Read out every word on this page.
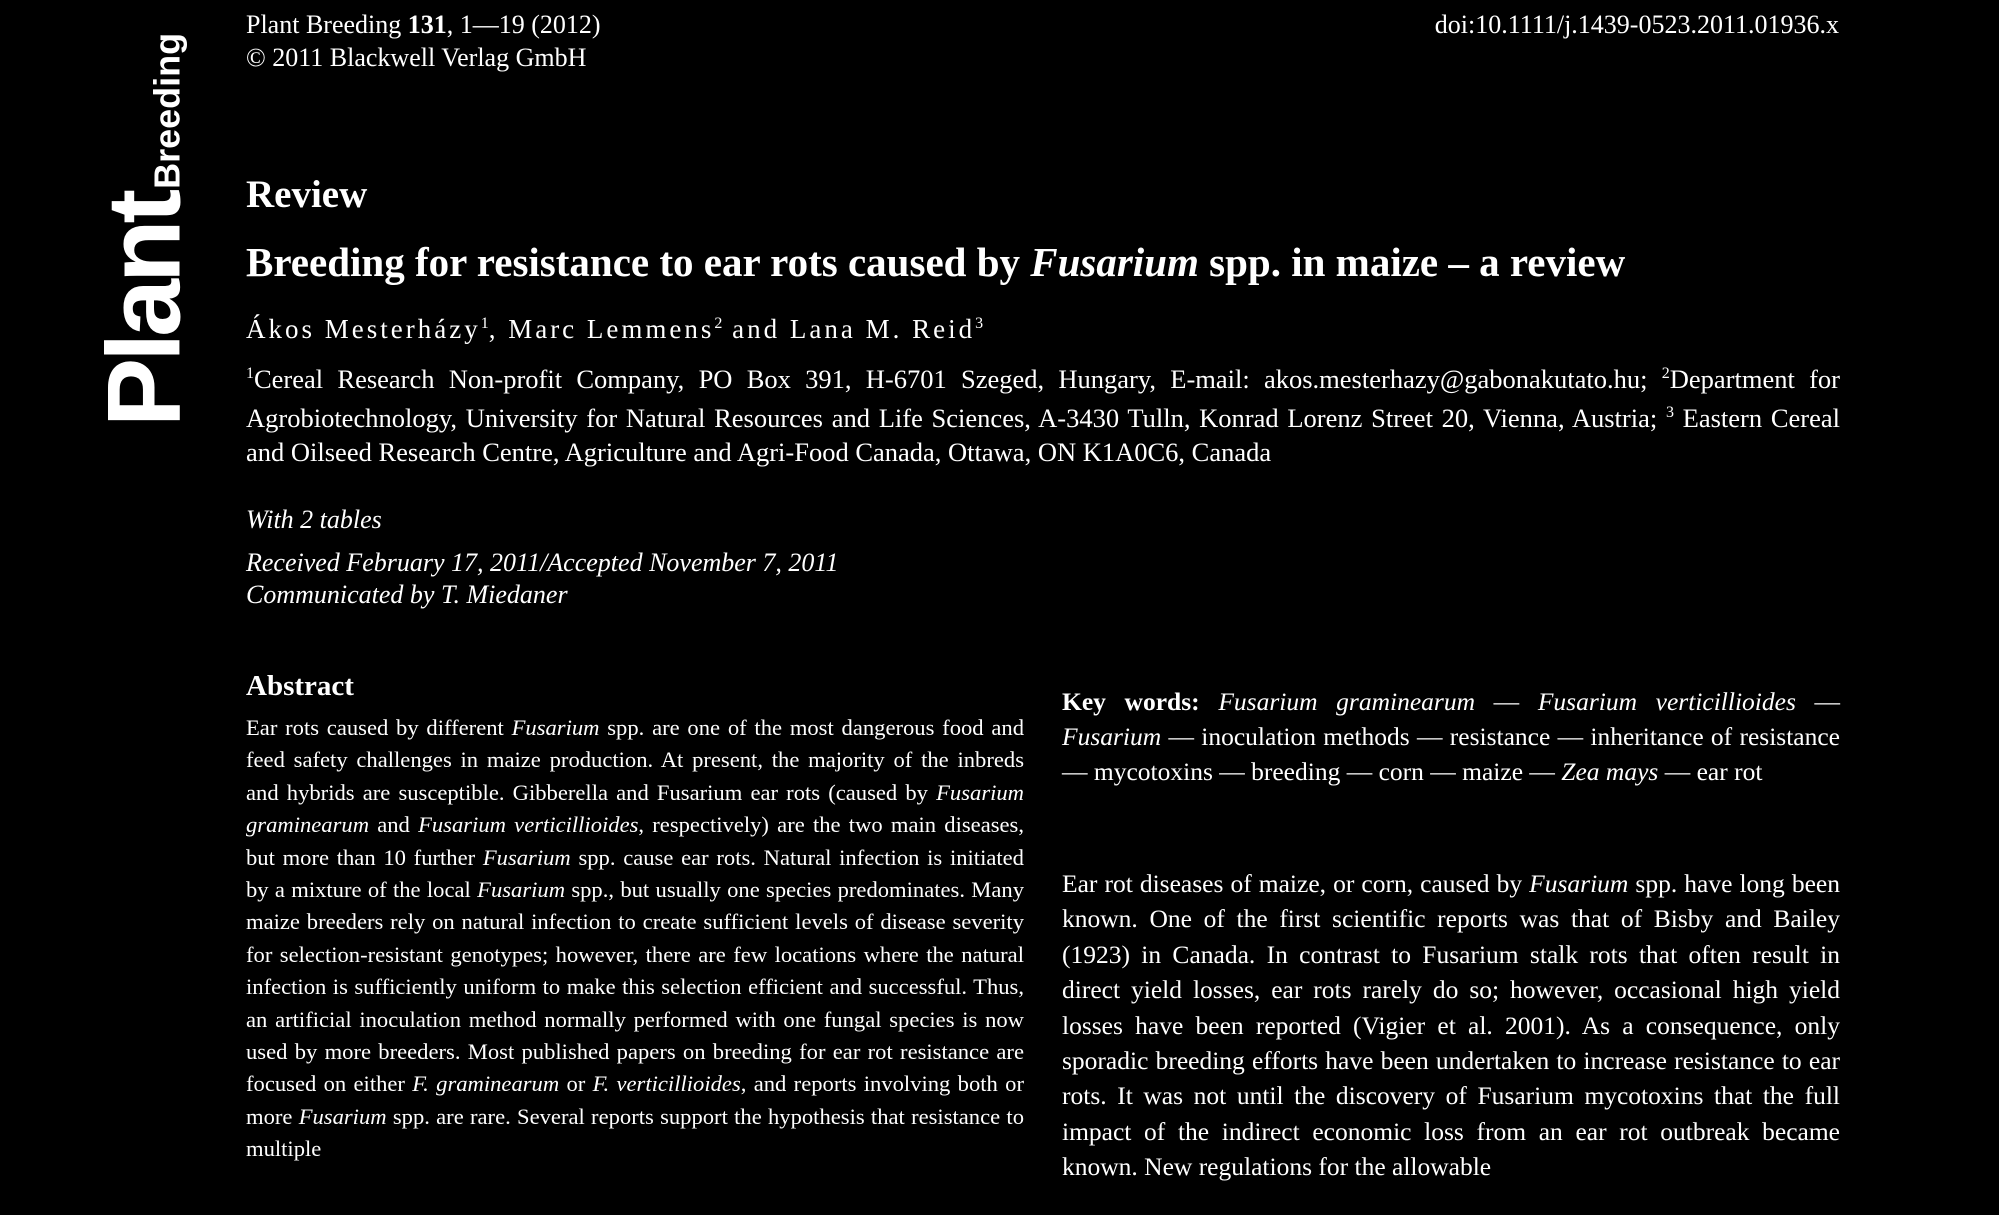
Plant
Breeding
Plant Breeding 131, 1—19 (2012)
© 2011 Blackwell Verlag GmbH
doi:10.1111/j.1439-0523.2011.01936.x
Review
Breeding for resistance to ear rots caused by Fusarium spp. in maize – a review
Ákos Mesterházy$^1$, Marc Lemmens$^2$ and Lana M. Reid$^3$
$^1$Cereal Research Non-profit Company, PO Box 391, H-6701 Szeged, Hungary, E-mail: akos.mesterhazy@gabonakutato.hu; $^2$Department for Agrobiotechnology, University for Natural Resources and Life Sciences, A-3430 Tulln, Konrad Lorenz Street 20, Vienna, Austria; $^3$ Eastern Cereal and Oilseed Research Centre, Agriculture and Agri-Food Canada, Ottawa, ON K1A0C6, Canada
With 2 tables
Received February 17, 2011/Accepted November 7, 2011
Communicated by T. Miedaner
Abstract
Ear rots caused by different Fusarium spp. are one of the most dangerous food and feed safety challenges in maize production. At present, the majority of the inbreds and hybrids are susceptible. Gibberella and Fusarium ear rots (caused by Fusarium graminearum and Fusarium verticillioides, respectively) are the two main diseases, but more than 10 further Fusarium spp. cause ear rots. Natural infection is initiated by a mixture of the local Fusarium spp., but usually one species predominates. Many maize breeders rely on natural infection to create sufficient levels of disease severity for selection-resistant genotypes; however, there are few locations where the natural infection is sufficiently uniform to make this selection efficient and successful. Thus, an artificial inoculation method normally performed with one fungal species is now used by more breeders. Most published papers on breeding for ear rot resistance are focused on either F. graminearum or F. verticillioides, and reports involving both or more Fusarium spp. are rare. Several reports support the hypothesis that resistance to multiple
Key words: Fusarium graminearum — Fusarium verticillioides — Fusarium — inoculation methods — resistance — inheritance of resistance — mycotoxins — breeding — corn — maize — Zea mays — ear rot
Ear rot diseases of maize, or corn, caused by Fusarium spp. have long been known. One of the first scientific reports was that of Bisby and Bailey (1923) in Canada. In contrast to Fusarium stalk rots that often result in direct yield losses, ear rots rarely do so; however, occasional high yield losses have been reported (Vigier et al. 2001). As a consequence, only sporadic breeding efforts have been undertaken to increase resistance to ear rots. It was not until the discovery of Fusarium mycotoxins that the full impact of the indirect economic loss from an ear rot outbreak became known. New regulations for the allowable
